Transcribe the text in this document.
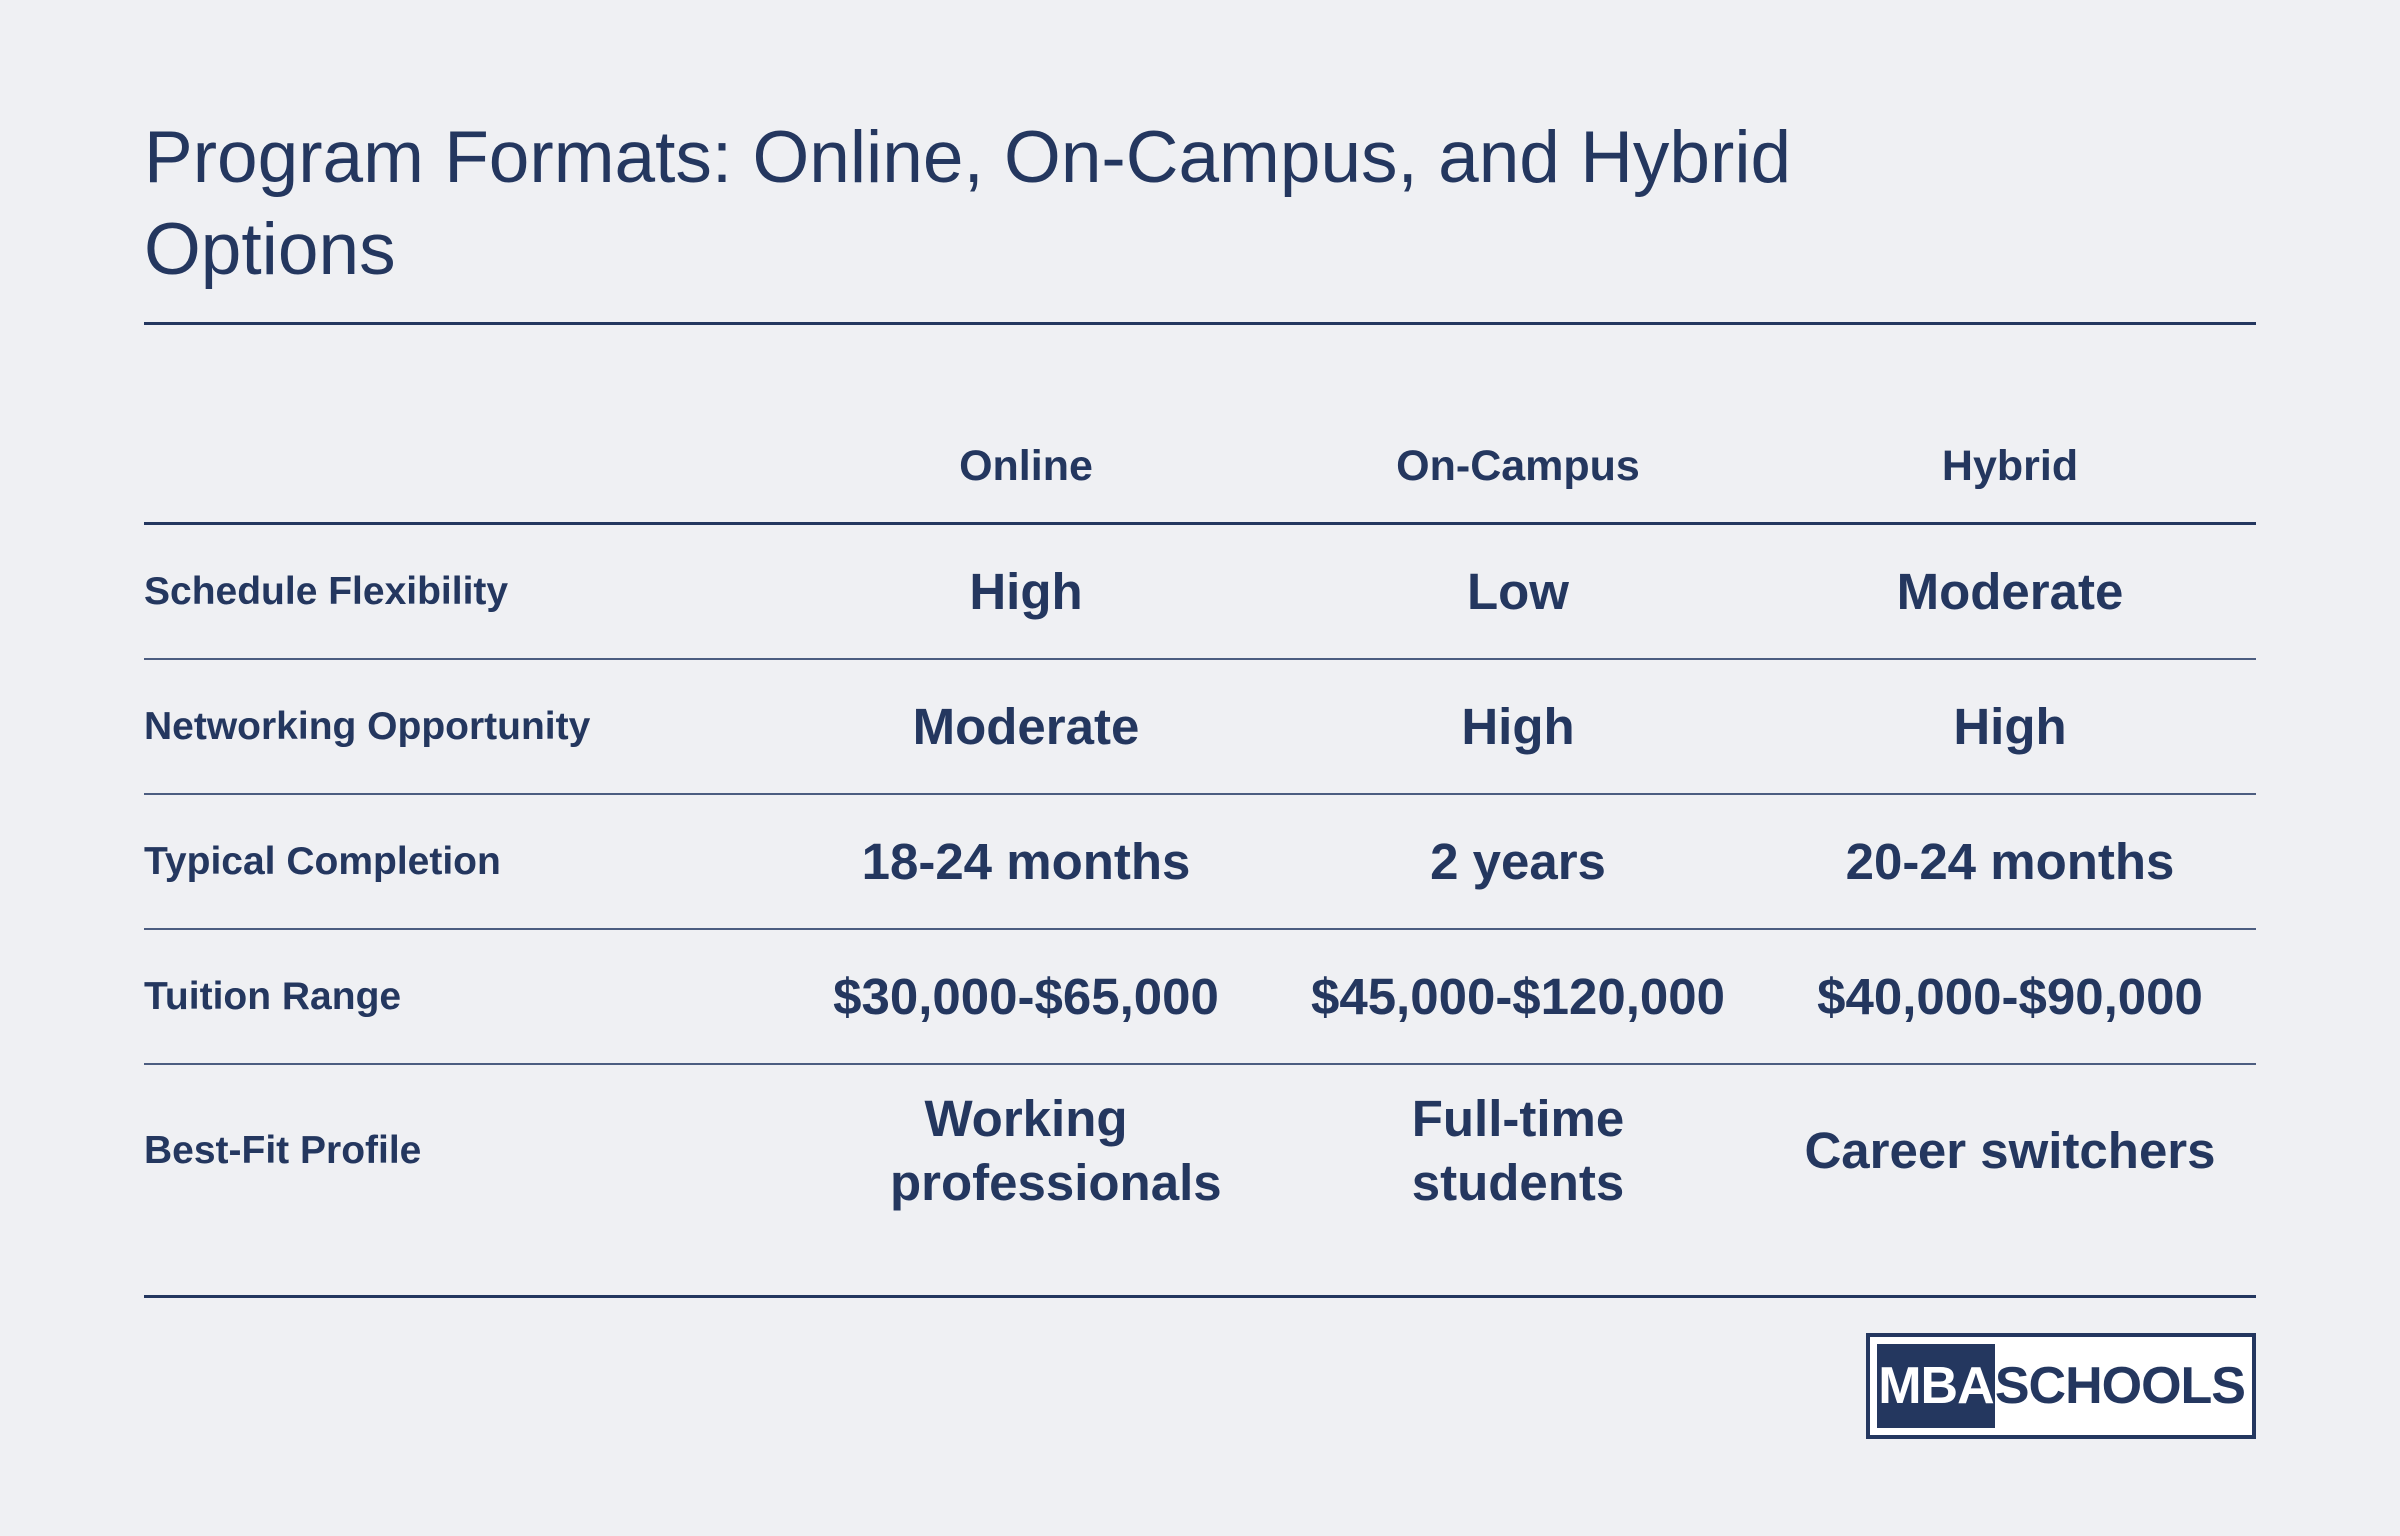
Program Formats: Online, On-Campus, and Hybrid Options
	Online	On-Campus	Hybrid
Schedule Flexibility	High	Low	Moderate
Networking Opportunity	Moderate	High	High
Typical Completion	18-24 months	2 years	20-24 months
Tuition Range	$30,000-$65,000	$45,000-$120,000	$40,000-$90,000
Best-Fit Profile	Working professionals	Full-time students	Career switchers
MBA SCHOOLS
